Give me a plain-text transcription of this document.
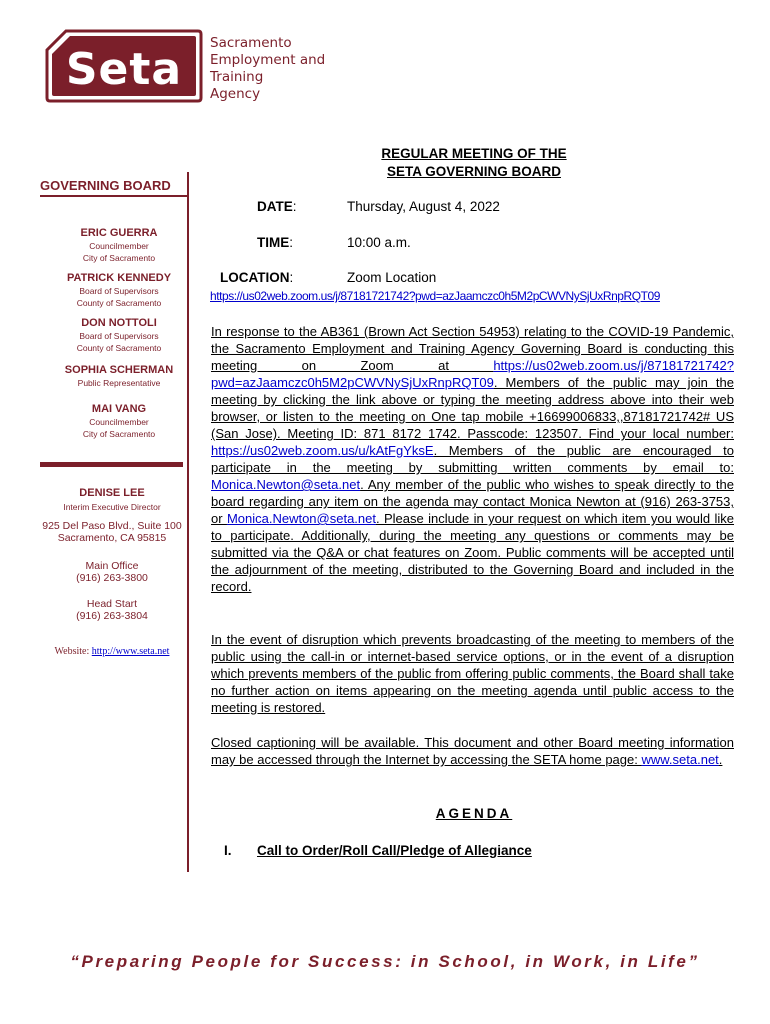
Seta
Sacramento
Employment and
Training
Agency
GOVERNING BOARD
ERIC GUERRA
Councilmember
City of Sacramento
PATRICK KENNEDY
Board of Supervisors
County of Sacramento
DON NOTTOLI
Board of Supervisors
County of Sacramento
SOPHIA SCHERMAN
Public Representative
MAI VANG
Councilmember
City of Sacramento
DENISE LEE
Interim Executive Director
925 Del Paso Blvd., Suite 100
Sacramento, CA 95815
Main Office
(916) 263-3800
Head Start
(916) 263-3804
Website: http://www.seta.net
REGULAR MEETING OF THE
SETA GOVERNING BOARD
DATE:	Thursday, August 4, 2022
TIME:	10:00 a.m.
LOCATION:	Zoom Location
https://us02web.zoom.us/j/87181721742?pwd=azJaamczc0h5M2pCWVNySjUxRnpRQT09
In response to the AB361 (Brown Act Section 54953) relating to the COVID-19 Pandemic, the Sacramento Employment and Training Agency Governing Board is conducting this meeting on Zoom at https://us02web.zoom.us/j/87181721742?pwd=azJaamczc0h5M2pCWVNySjUxRnpRQT09. Members of the public may join the meeting by clicking the link above or typing the meeting address above into their web browser, or listen to the meeting on One tap mobile +16699006833,,87181721742# US (San Jose). Meeting ID: 871 8172 1742. Passcode: 123507. Find your local number: https://us02web.zoom.us/u/kAtFgYksE. Members of the public are encouraged to participate in the meeting by submitting written comments by email to: Monica.Newton@seta.net. Any member of the public who wishes to speak directly to the board regarding any item on the agenda may contact Monica Newton at (916) 263-3753, or Monica.Newton@seta.net. Please include in your request on which item you would like to participate. Additionally, during the meeting any questions or comments may be submitted via the Q&A or chat features on Zoom. Public comments will be accepted until the adjournment of the meeting, distributed to the Governing Board and included in the record.
In the event of disruption which prevents broadcasting of the meeting to members of the public using the call-in or internet-based service options, or in the event of a disruption which prevents members of the public from offering public comments, the Board shall take no further action on items appearing on the meeting agenda until public access to the meeting is restored.
Closed captioning will be available. This document and other Board meeting information may be accessed through the Internet by accessing the SETA home page: www.seta.net.
AGENDA
I. Call to Order/Roll Call/Pledge of Allegiance
“Preparing People for Success: in School, in Work, in Life”
